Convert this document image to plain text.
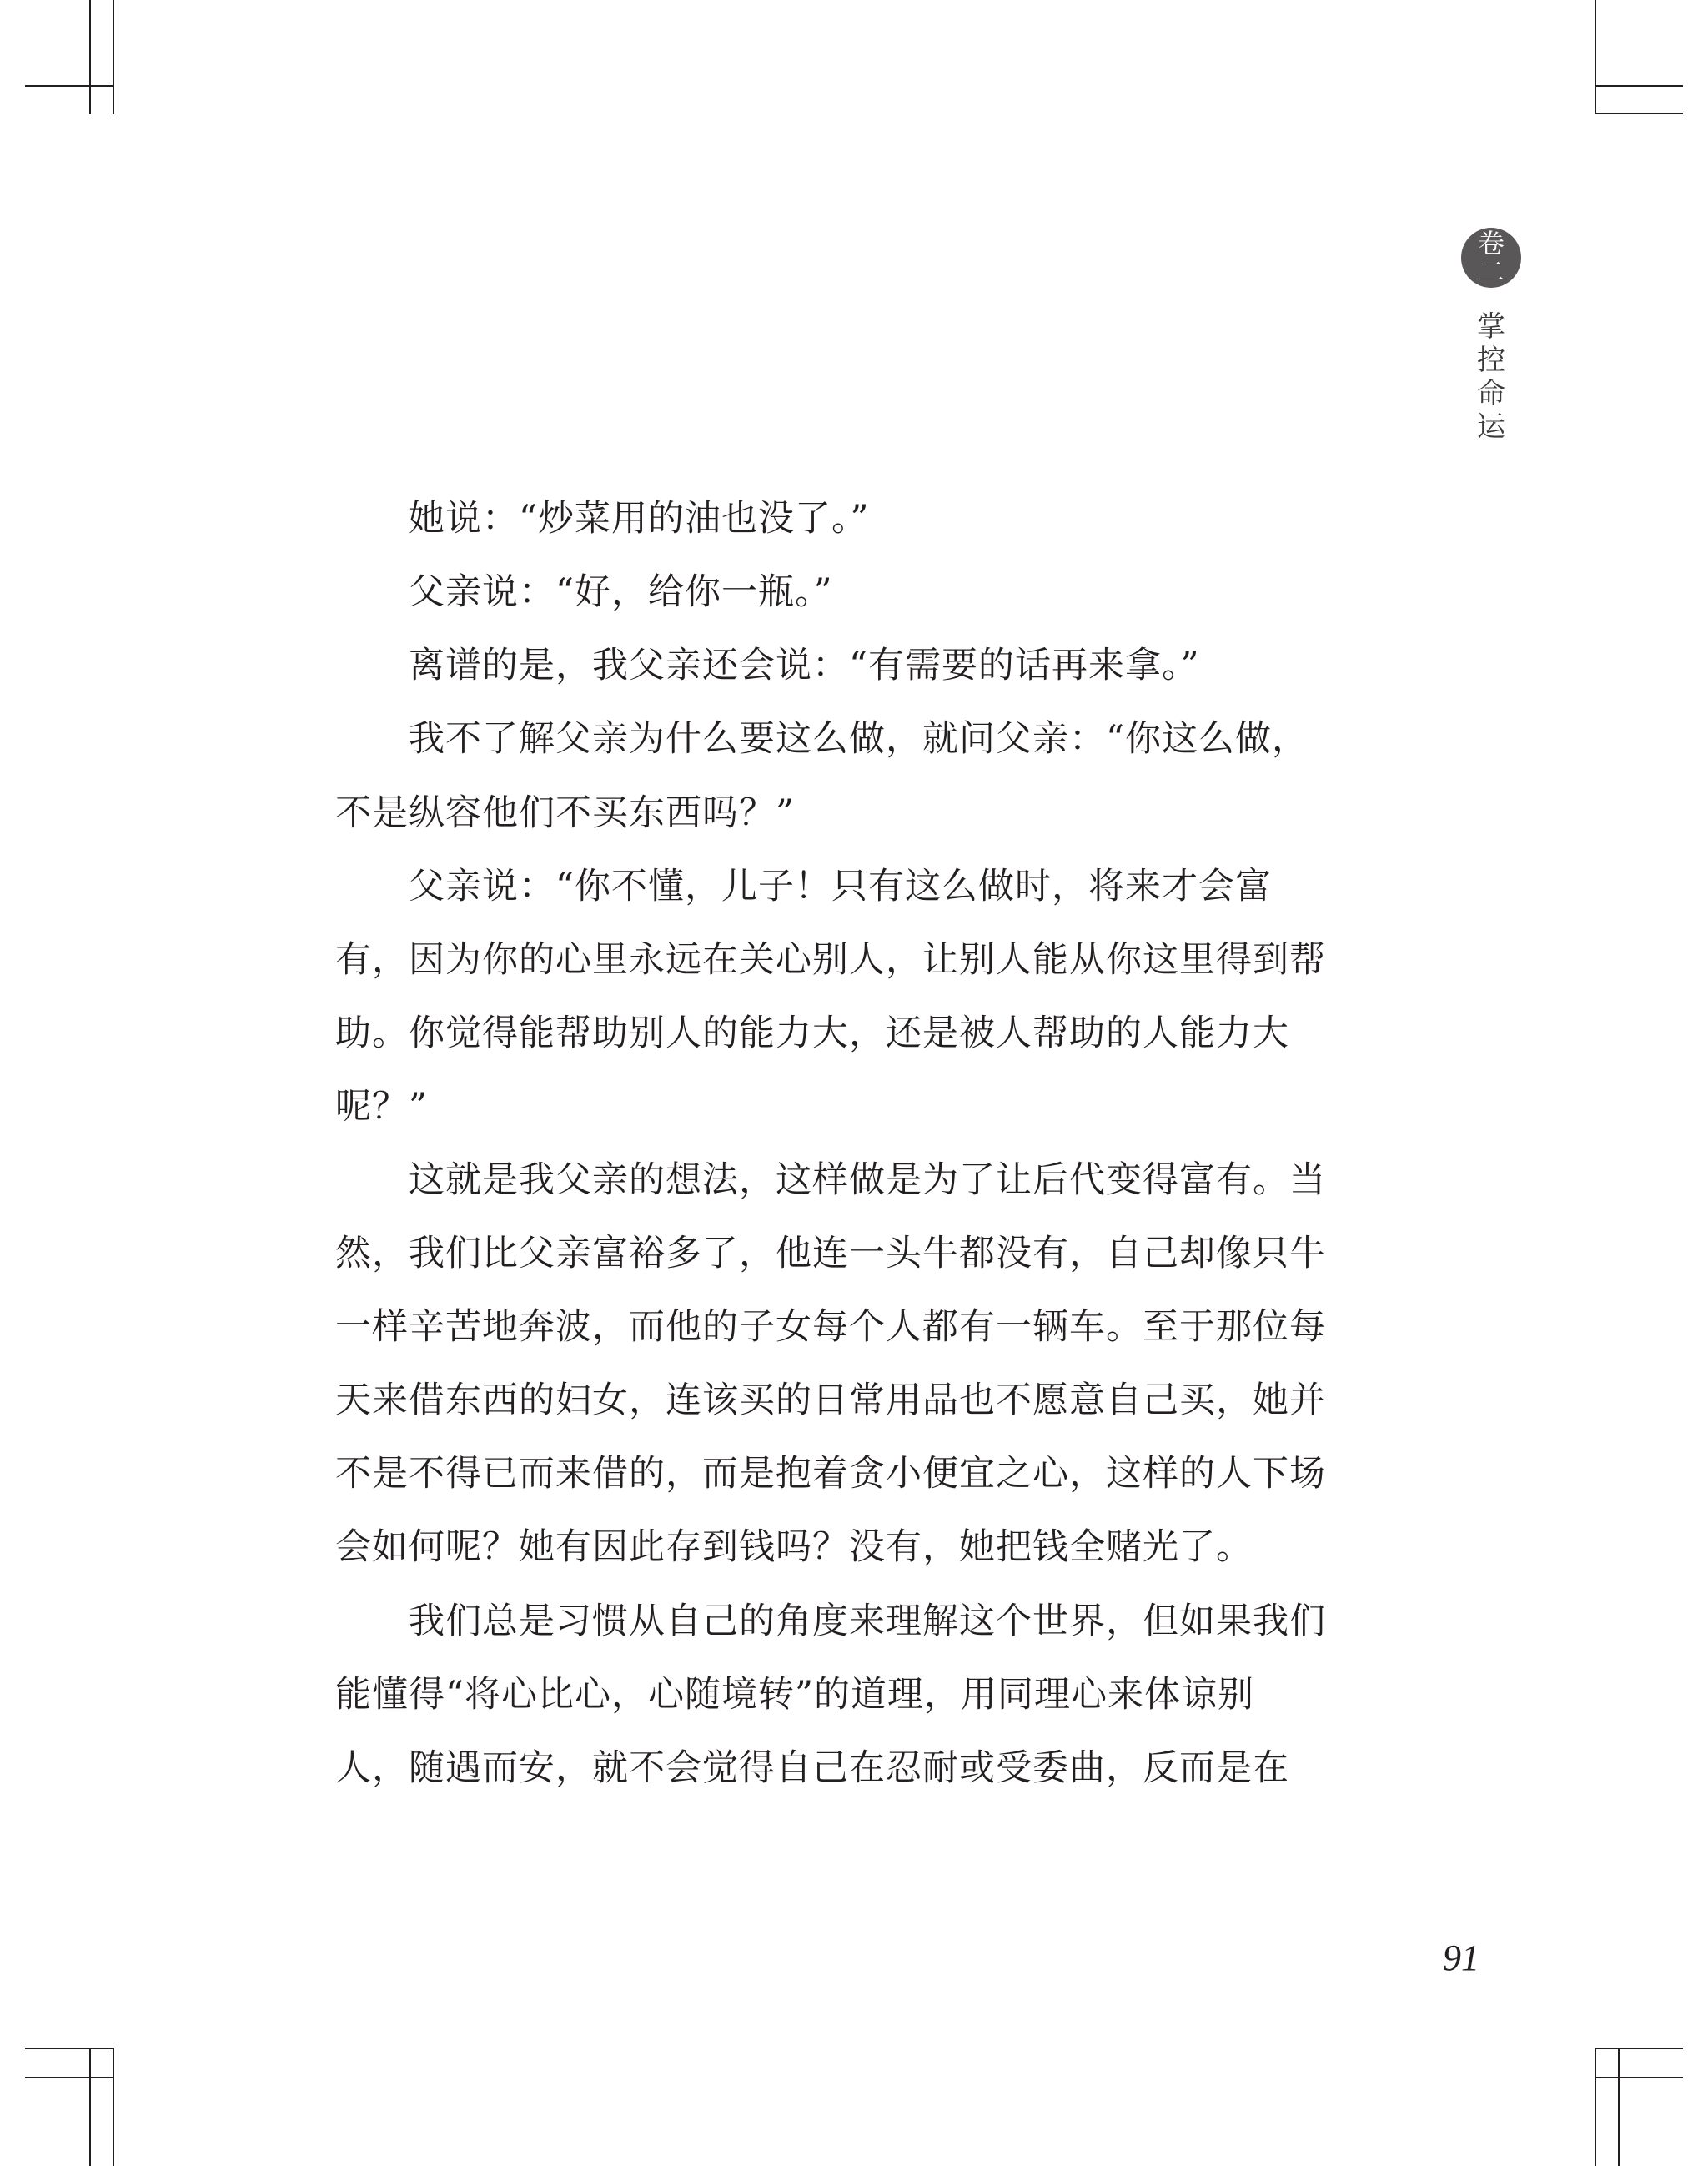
卷
二
掌
控
命
运
她说：“炒菜用的油也没了。”
父亲说：“好，给你一瓶。”
离谱的是，我父亲还会说：“有需要的话再来拿。”
我不了解父亲为什么要这么做，就问父亲：“你这么做，
不是纵容他们不买东西吗？”
父亲说：“你不懂，儿子！只有这么做时，将来才会富
有，因为你的心里永远在关心别人，让别人能从你这里得到帮
助。你觉得能帮助别人的能力大，还是被人帮助的人能力大
呢？”
这就是我父亲的想法，这样做是为了让后代变得富有。当
然，我们比父亲富裕多了，他连一头牛都没有，自己却像只牛
一样辛苦地奔波，而他的子女每个人都有一辆车。至于那位每
天来借东西的妇女，连该买的日常用品也不愿意自己买，她并
不是不得已而来借的，而是抱着贪小便宜之心，这样的人下场
会如何呢？她有因此存到钱吗？没有，她把钱全赌光了。
我们总是习惯从自己的角度来理解这个世界，但如果我们
能懂得“将心比心，心随境转”的道理，用同理心来体谅别
人，随遇而安，就不会觉得自己在忍耐或受委曲，反而是在
91
